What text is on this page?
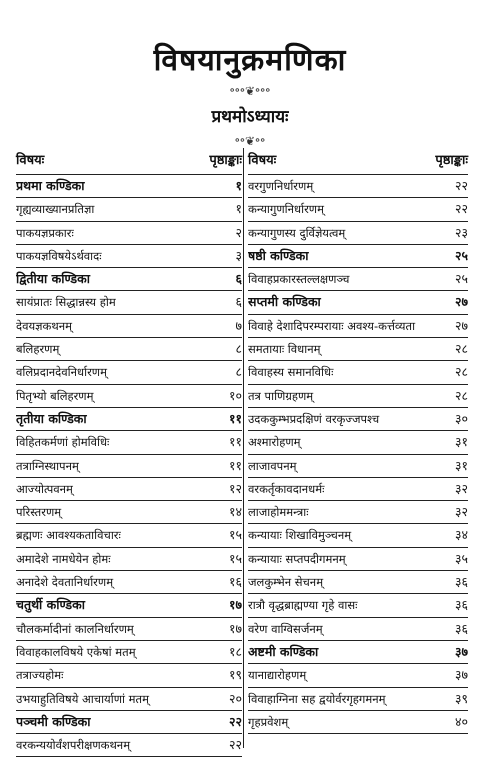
विषयानुक्रमणिका
॰॰॰❦॰॰॰
प्रथमोऽध्यायः
॰॰❦॰॰
विषयः	पृष्ठाङ्काः
प्रथमा कण्डिका	१
गृह्यव्याख्यानप्रतिज्ञा	१
पाकयज्ञप्रकारः	२
पाकयज्ञविषयेऽर्थवादः	३
द्वितीया कण्डिका	६
सायंप्रातः सिद्धान्नस्य होम	६
देवयज्ञकथनम्	७
बलिहरणम्	८
वलिप्रदानदेवनिर्धारणम्	८
पितृभ्यो बलिहरणम्	१०
तृतीया कण्डिका	११
विहितकर्मणां होमविधिः	११
तत्राग्निस्थापनम्	११
आज्योत्पवनम्	१२
परिस्तरणम्	१४
ब्रह्मणः आवश्यकताविचारः	१५
अमादेशे नामधेयेन होमः	१५
अनादेशे देवतानिर्धारणम्	१६
चतुर्थी कण्डिका	१७
चौलकर्मादीनां कालनिर्धारणम्	१७
विवाहकालविषये एकेषां मतम्	१८
तत्राज्यहोमः	१९
उभयाहुतिविषये आचार्याणां मतम्	२०
पञ्चमी कण्डिका	२२
वरकन्ययोर्वंशपरीक्षणकथनम्	२२
विषयः	पृष्ठाङ्काः
वरगुणनिर्धारणम्	२२
कन्यागुणनिर्धारणम्	२२
कन्यागुणस्य दुर्विज्ञेयत्वम्	२३
षष्ठी कण्डिका	२५
विवाहप्रकारस्तल्लक्षणञ्च	२५
सप्तमी कण्डिका	२७
विवाहे देशादिपरम्परायाः अवश्य-कर्त्तव्यता	२७
समतायाः विधानम्	२८
विवाहस्य समानविधिः	२८
तत्र पाणिग्रहणम्	२८
उदककुम्भप्रदक्षिणं वरकृज्जपश्च	३०
अश्मारोहणम्	३१
लाजावपनम्	३१
वरकर्तृकावदानधर्मः	३२
लाजाहोममन्त्राः	३२
कन्यायाः शिखाविमुञ्चनम्	३४
कन्यायाः सप्तपदीगमनम्	३५
जलकुम्भेन सेचनम्	३६
रात्रौ वृद्धब्राह्मण्या गृहे वासः	३६
वरेण वाग्विसर्जनम्	३६
अष्टमी कण्डिका	३७
यानाद्यारोहणम्	३७
विवाहाग्निना सह द्वयोर्वरगृहगमनम्	३९
गृहप्रवेशम्	४०
